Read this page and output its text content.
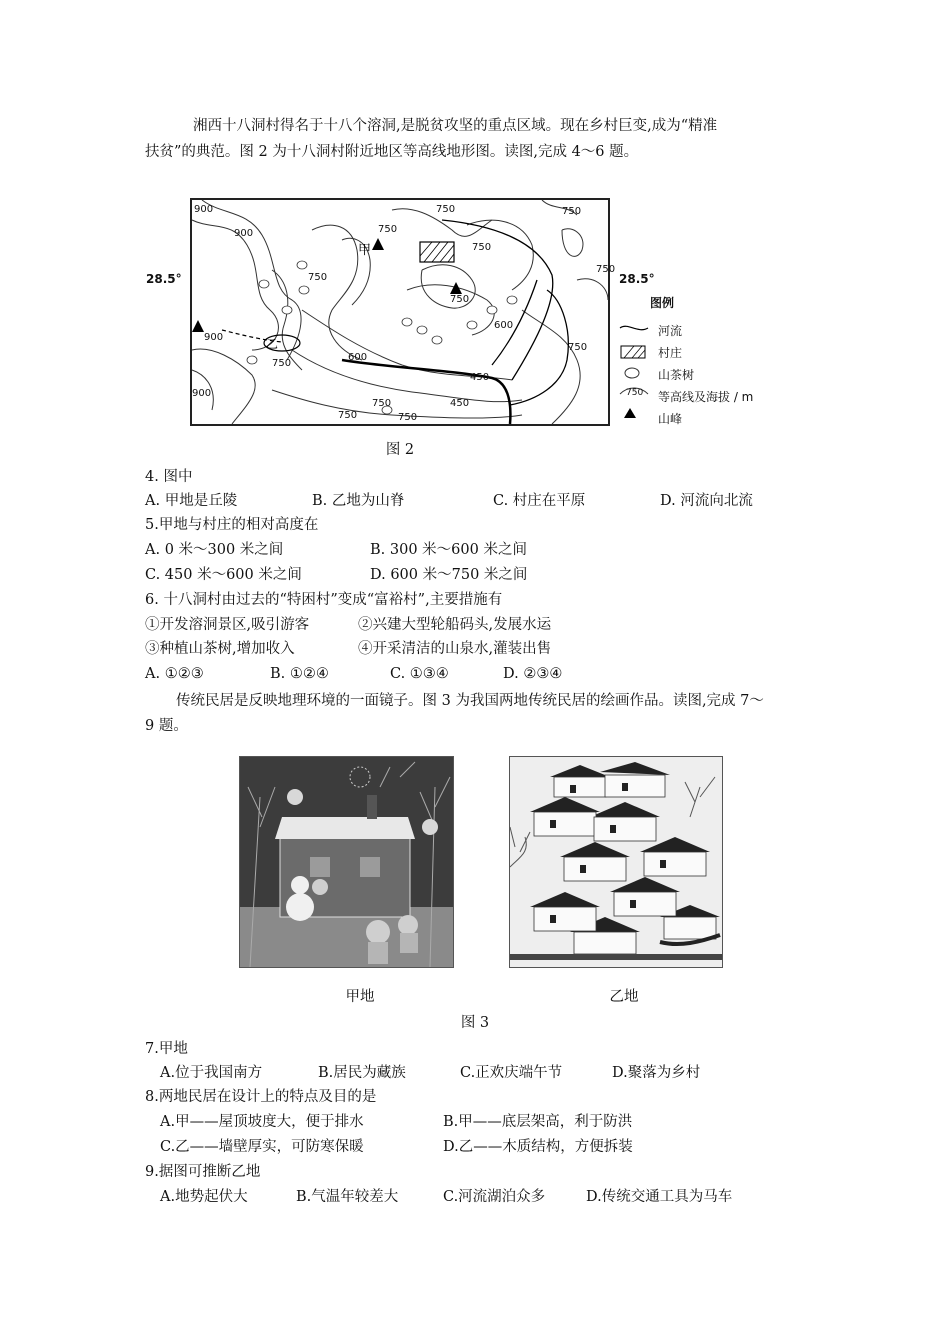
湘西十八洞村得名于十八个溶洞,是脱贫攻坚的重点区域。现在乡村巨变,成为“精准
扶贫”的典范。图 2 为十八洞村附近地区等高线地形图。读图,完成 4～6 题。
28.5°	28.5°
900
900
900
900
750
750
750
750
750
750
750
750
750	750
600
600
450
450
750
750
甲
乙
图例
河流
村庄
山茶树
750 等高线及海拔 / m
山峰
图 2
4. 图中
A. 甲地是丘陵	B. 乙地为山脊	C. 村庄在平原	D. 河流向北流
5.甲地与村庄的相对高度在
A. 0 米～300 米之间	B. 300 米～600 米之间
C. 450 米～600 米之间	D. 600 米～750 米之间
6. 十八洞村由过去的“特困村”变成“富裕村”,主要措施有
①开发溶洞景区,吸引游客	②兴建大型轮船码头,发展水运
③种植山茶树,增加收入	④开采清洁的山泉水,灌装出售
A. ①②③	B. ①②④	C. ①③④	D. ②③④
传统民居是反映地理环境的一面镜子。图 3 为我国两地传统民居的绘画作品。读图,完成 7～
9 题。
甲地	乙地
图 3
7.甲地
A.位于我国南方	B.居民为藏族	C.正欢庆端午节	D.聚落为乡村
8.两地民居在设计上的特点及目的是
A.甲——屋顶坡度大，便于排水	B.甲——底层架高，利于防洪
C.乙——墙壁厚实，可防寒保暖	D.乙——木质结构，方便拆装
9.据图可推断乙地
A.地势起伏大	B.气温年较差大	C.河流湖泊众多	D.传统交通工具为马车
